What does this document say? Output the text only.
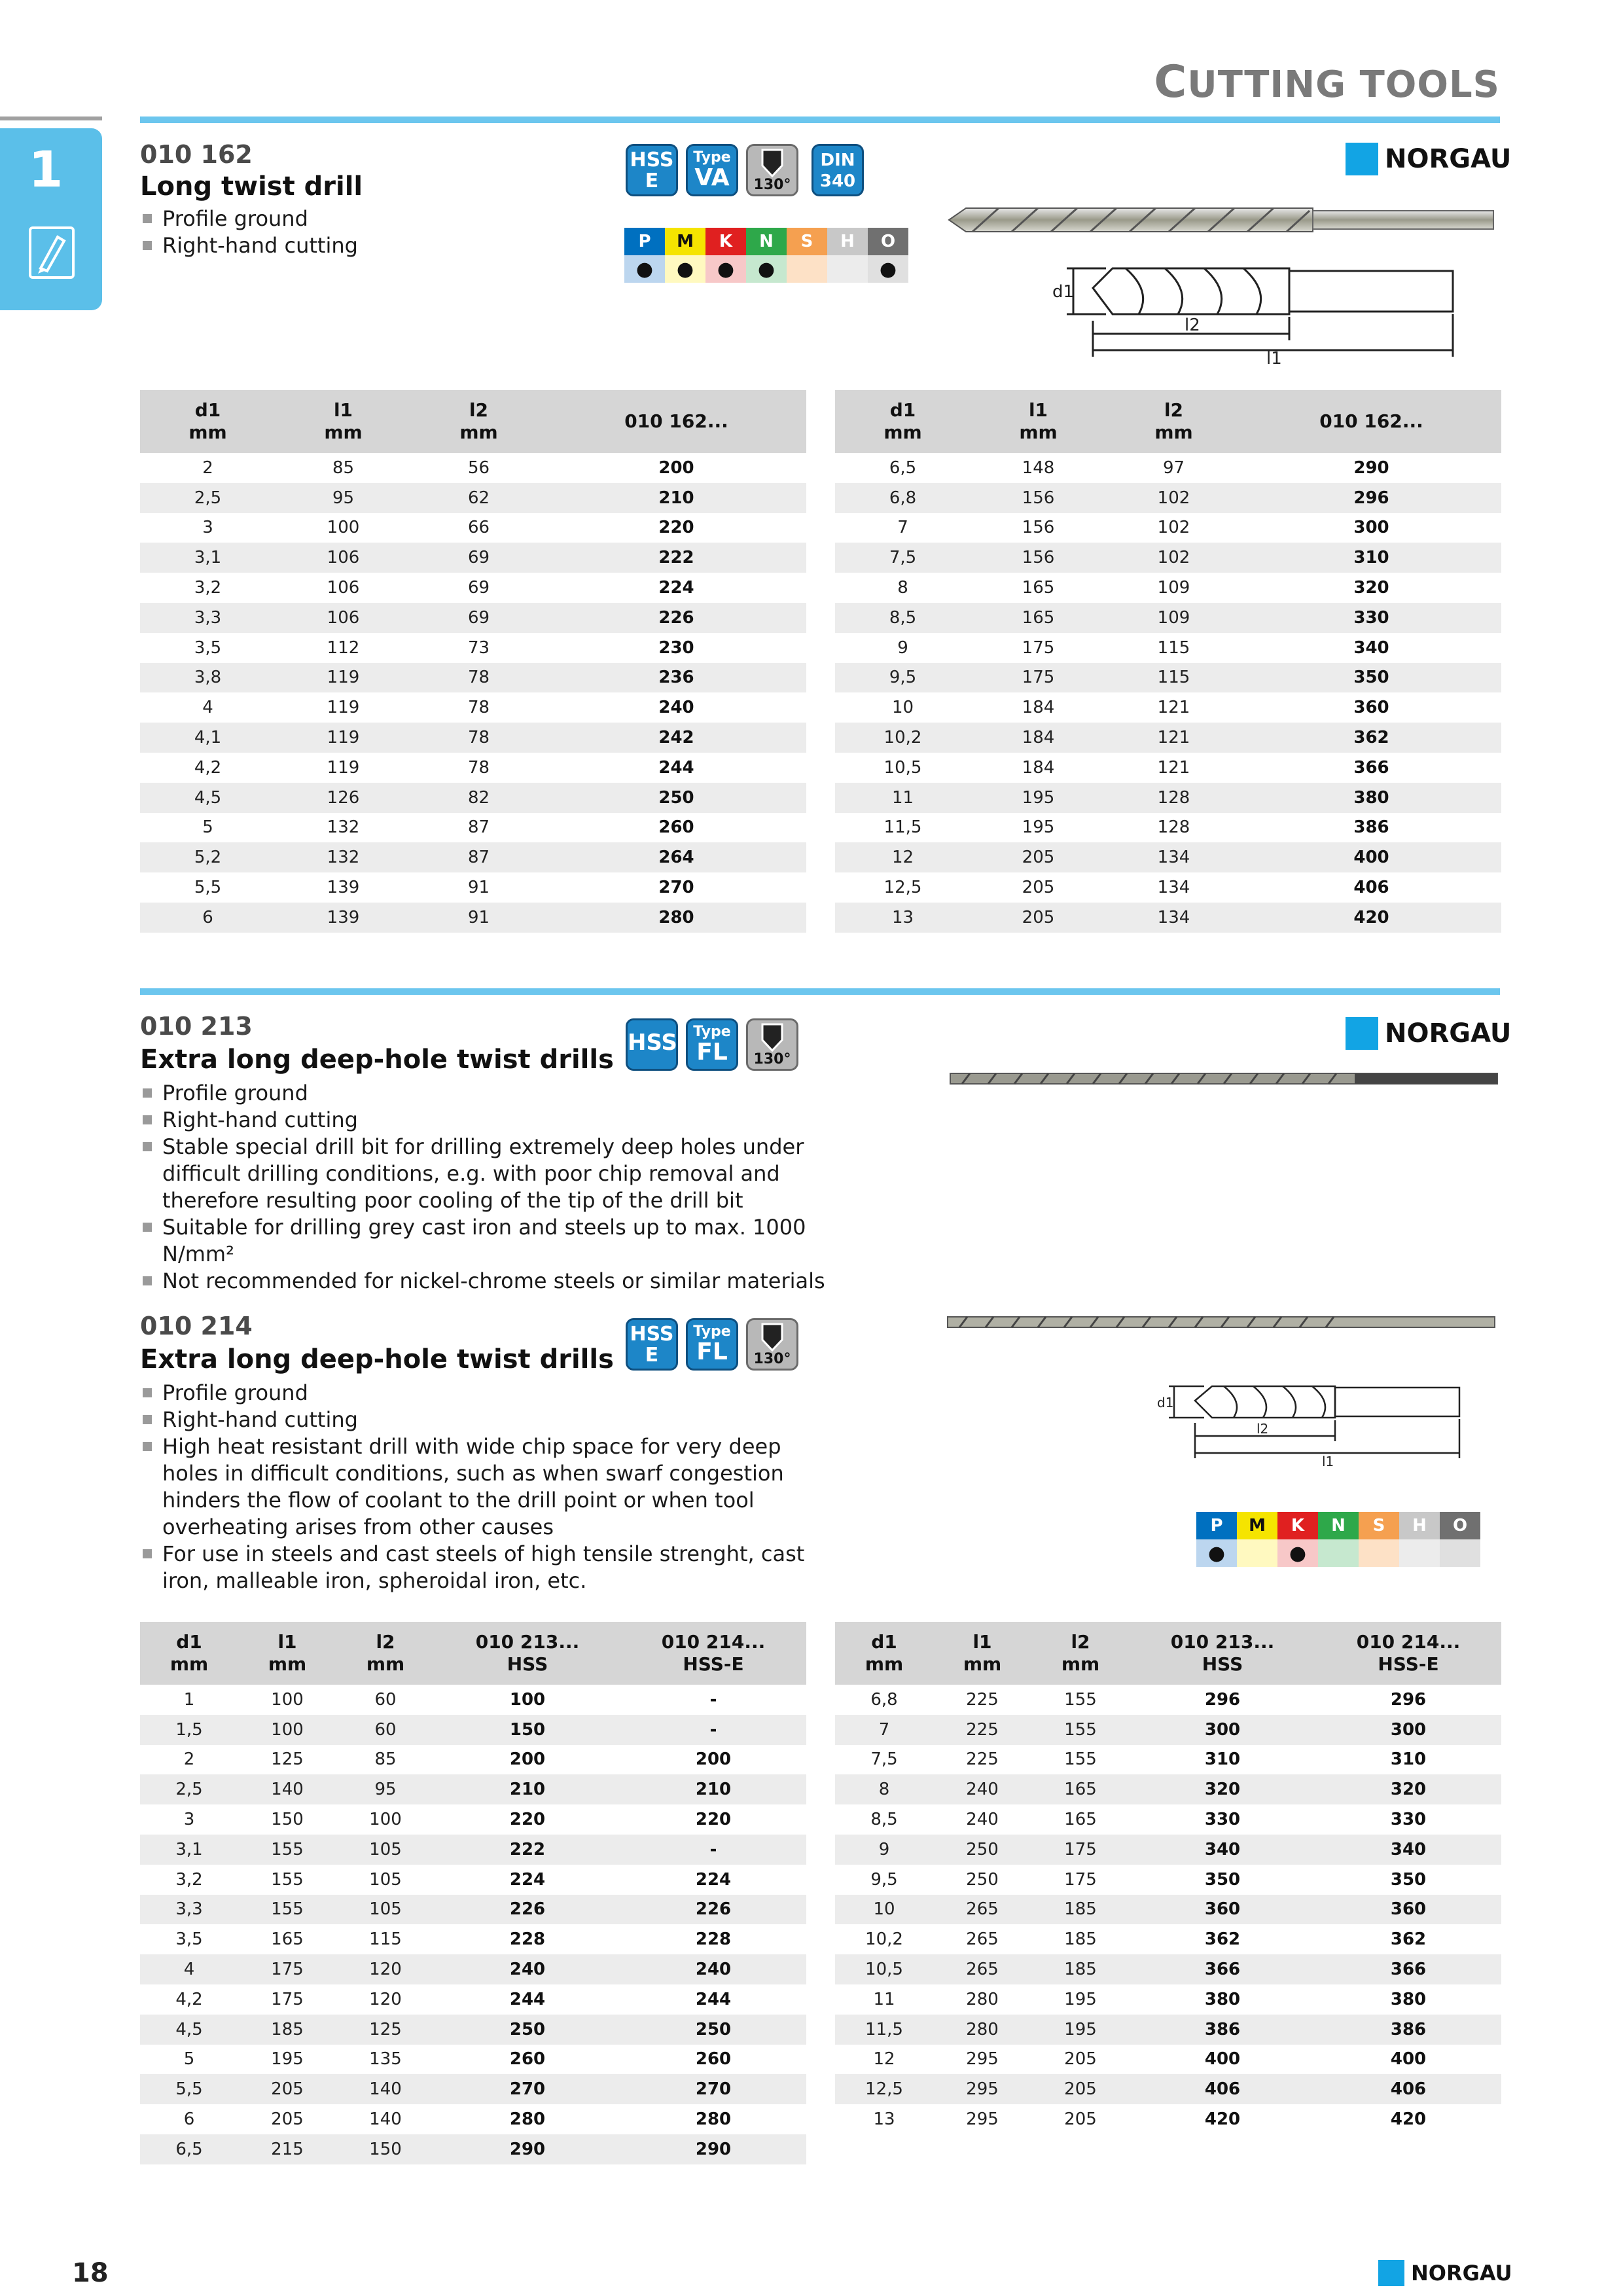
CUTTING TOOLS
1	010 162
Long twist drill
Profile ground
Right-hand cutting
HSS
E
Type
VA	130°
DIN
340
P	M	K	N	S	H	O
●	●	●	●			●
NORGAU
d1
l2
l1
d1
mm	l1
mm	l2
mm	010 162...
2	85	56	200
2,5	95	62	210
3	100	66	220
3,1	106	69	222
3,2	106	69	224
3,3	106	69	226
3,5	112	73	230
3,8	119	78	236
4	119	78	240
4,1	119	78	242
4,2	119	78	244
4,5	126	82	250
5	132	87	260
5,2	132	87	264
5,5	139	91	270
6	139	91	280
d1
mm	l1
mm	l2
mm	010 162...
6,5	148	97	290
6,8	156	102	296
7	156	102	300
7,5	156	102	310
8	165	109	320
8,5	165	109	330
9	175	115	340
9,5	175	115	350
10	184	121	360
10,2	184	121	362
10,5	184	121	366
11	195	128	380
11,5	195	128	386
12	205	134	400
12,5	205	134	406
13	205	134	420
010 213
Extra long deep-hole twist drills
HSS	Type
FL	130°
NORGAU
Profile ground
Right-hand cutting
Stable special drill bit for drilling extremely deep holes under difficult drilling conditions, e.g. with poor chip removal and therefore resulting poor cooling of the tip of the drill bit
Suitable for drilling grey cast iron and steels up to max. 1000 N/mm²
Not recommended for nickel-chrome steels or similar materials
010 214
Extra long deep-hole twist drills
HSS
E
Type
FL	130°
Profile ground
Right-hand cutting
High heat resistant drill with wide chip space for very deep holes in difficult conditions, such as when swarf congestion hinders the flow of coolant to the drill point or when tool overheating arises from other causes
For use in steels and cast steels of high tensile strenght, cast iron, malleable iron, spheroidal iron, etc.
d1
l2
l1
P	M	K	N	S	H	O
●		●				
d1
mm	l1
mm	l2
mm	010 213...
HSS	010 214...
HSS-E
1	100	60	100	-
1,5	100	60	150	-
2	125	85	200	200
2,5	140	95	210	210
3	150	100	220	220
3,1	155	105	222	-
3,2	155	105	224	224
3,3	155	105	226	226
3,5	165	115	228	228
4	175	120	240	240
4,2	175	120	244	244
4,5	185	125	250	250
5	195	135	260	260
5,5	205	140	270	270
6	205	140	280	280
6,5	215	150	290	290
d1
mm	l1
mm	l2
mm	010 213...
HSS	010 214...
HSS-E
6,8	225	155	296	296
7	225	155	300	300
7,5	225	155	310	310
8	240	165	320	320
8,5	240	165	330	330
9	250	175	340	340
9,5	250	175	350	350
10	265	185	360	360
10,2	265	185	362	362
10,5	265	185	366	366
11	280	195	380	380
11,5	280	195	386	386
12	295	205	400	400
12,5	295	205	406	406
13	295	205	420	420
18	NORGAU
